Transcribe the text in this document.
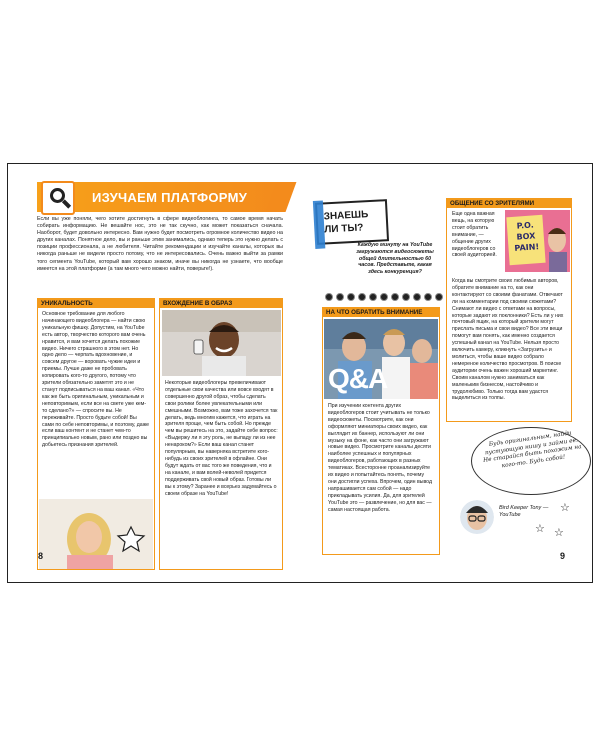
ИЗУЧАЕМ ПЛАТФОРМУ
Если вы уже поняли, чего хотите достигнуть в сфере видеоблогинга, то самое время начать собирать информацию. Не вешайте нос, это не так скучно, как может показаться сначала. Наоборот, будет довольно интересно. Вам нужно будет посмотреть огромное количество видео на других каналах. Понятное дело, вы и раньше этим занимались, однако теперь это нужно делать с позиции профессионала, а не любителя. Читайте рекомендации и изучайте каналы, которых вы никогда раньше не видели просто потому, что не интересовались. Очень важно выйти за рамки того сегмента YouTube, который вам хорошо знаком, иначе вы никогда не узнаете, что вообще имеется на этой платформе (а там много чего можно найти, поверьте!).
УНИКАЛЬНОСТЬ
Основное требование для любого начинающего видеоблогера — найти свою уникальную фишку. Допустим, на YouTube есть автор, творчество которого вам очень нравится, и вам хочется делать похожие видео. Ничего страшного в этом нет. Но одно дело — черпать вдохновение, и совсем другое — воровать чужие идеи и приемы. Лучше даже не пробовать копировать кого-то другого, потому что зрители обязательно заметят это и не станут подписываться на ваш канал. «Что как же быть оригинальным, уникальным и неповторимым, если все на свете уже кем-то сделано?» — спросите вы. Не переживайте. Просто будьте собой! Вы сами по себе неповторимы, и поэтому, даже если ваш контент и не станет чем-то принципиально новым, рано или поздно вы добьетесь признания зрителей.
ВХОЖДЕНИЕ В ОБРАЗ
Некоторые видеоблогеры превеличивают отдельные свои качества или вовсе входят в совершенно другой образ, чтобы сделать свои ролики более увлекательными или смешными. Возможно, вам тоже захочется так делать, ведь многим кажется, что играть на зрителя проще, чем быть собой. Но прежде чем вы решитесь на это, задайте себе вопрос: «Выдержу ли я эту роль, не выпаду ли из нее ненароком?» Если ваш канал станет популярным, вы наверняка встретите кого-нибудь из своих зрителей в офлайне. Они будут ждать от вас того же поведения, что и на канале, и вам волей-неволей придется поддерживать свой новый образ. Готовы ли вы к этому? Заранее и всерьез задумайтесь о своем образе на YouTube!
8
ЗНАЕШЬ
ЛИ ТЫ?
Каждую минуту на YouTube загружаются видеосюжеты общей длительностью 60 часов. Представьте, какая здесь конкуренция?
НА ЧТО ОБРАТИТЬ ВНИМАНИЕ
Q&A
При изучении контента других видеоблогеров стоит учитывать не только видеосюжеты. Посмотрите, как они оформляют миниатюры своих видео, как выглядит их баннер, используют ли они музыку на фоне, как часто они загружают новые видео. Просмотрите каналы десяти наиболее успешных и популярных видеоблогеров, работающих в разных тематиках. Всесторонне проанализируйте их видео и попытайтесь понять, почему они достигли успеха. Впрочем, один вывод напрашивается сам собой — надо прикладывать усилия. Да, для зрителей YouTube это — развлечение, но для вас — самая настоящая работа.
ОБЩЕНИЕ СО ЗРИТЕЛЯМИ
Еще одна важная вещь, на которую стоит обратить внимание, — общение других видеоблогеров со своей аудиторией.
P.O. BOX PAIN!
Когда вы смотрите своих любимых авторов, обратите внимание на то, как они контактируют со своими фанатами. Отвечают ли на комментарии под своими сюжетами? Снимают ли видео с ответами на вопросы, которые задают их поклонники? Есть ли у них почтовый ящик, на который зрители могут прислать письма и свои видео? Все эти вещи помогут вам понять, как именно создается успешный канал на YouTube. Нельзя просто включить камеру, кликнуть «Загрузить» и молиться, чтобы ваше видео собрало немереное количество просмотров. В поиске аудитории очень важен хороший маркетинг. Своим каналом нужно заниматься как маленьким бизнесом, настойчиво и трудолюбиво. Только тогда вам удастся выделиться из толпы.
Будь оригинальным, найди пустующую нишу и займи ее. Не старайся быть похожим на кого-то. Будь собой!
☆
☆ ☆
Bird Keeper Tony — YouTube
9
